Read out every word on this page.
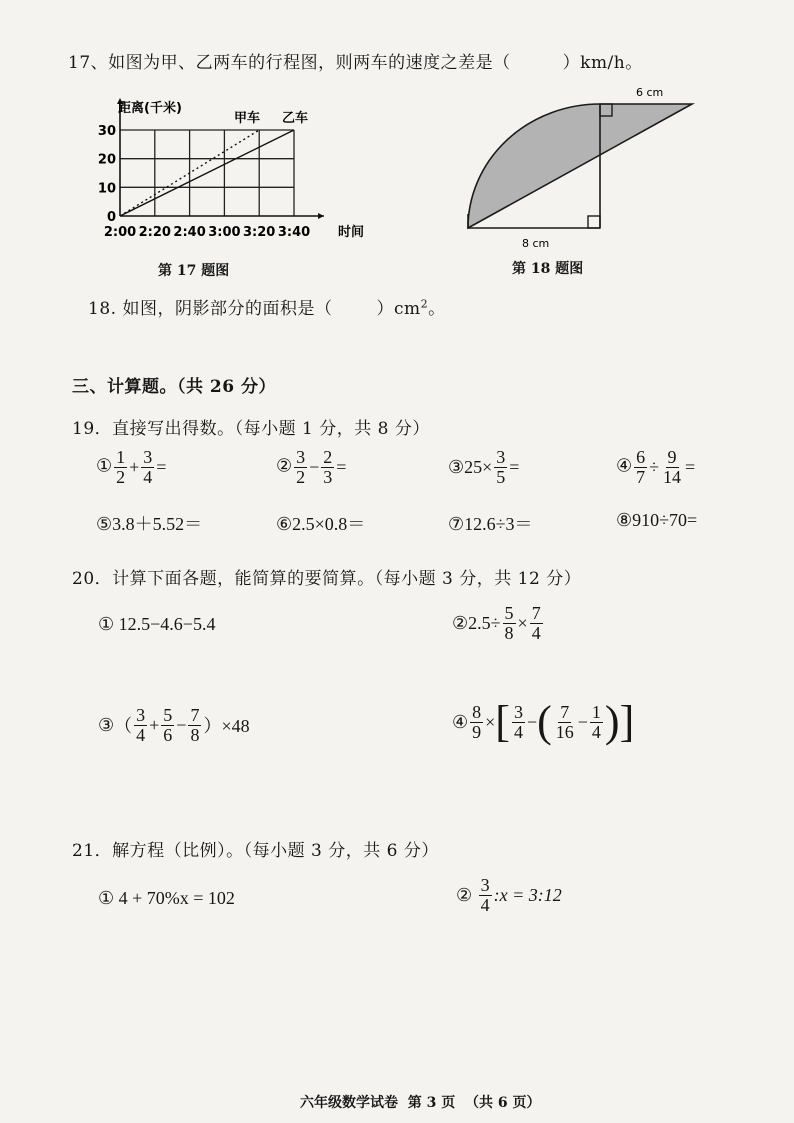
17、如图为甲、乙两车的行程图，则两车的速度之差是（	）km/h。
2:00 2:20 2:40 3:00 3:20 3:40
0
10
20
30
距离(千米)
时间
甲车 乙车
第 17 题图
6 cm
8 cm
第 18 题图
18. 如图，阴影部分的面积是（	）$cm^2$。
三、计算题。（共 26 分）
19．直接写出得数。（每小题 1 分，共 8 分）
① $\frac{1}{2} + \frac{3}{4}$ =	② $\frac{3}{2} - \frac{2}{3}$ =	③25× $\frac{3}{5}$ =	④ $\frac{6}{7} \div \frac{9}{14}$ =
⑤3.8＋5.52＝	⑥2.5×0.8＝	⑦12.6÷3＝	⑧910÷70=
20．计算下面各题，能简算的要简算。（每小题 3 分，共 12 分）
① 12.5−4.6−5.4	②2.5÷ $\frac{5}{8} \times \frac{7}{4}$
③（ $\frac{3}{4} + \frac{5}{6} - \frac{7}{8} )\times 48$	④ $\frac{8}{9}$ ×[ $\frac{3}{4}$ −( $\frac{7}{16} - \frac{1}{4}$ )]
21．解方程（比例）。（每小题 3 分，共 6 分）
① 4 + 70%x = 102	② $\frac{3}{4}$ :x = 3:12
六年级数学试卷  第 3 页  （共 6 页）
